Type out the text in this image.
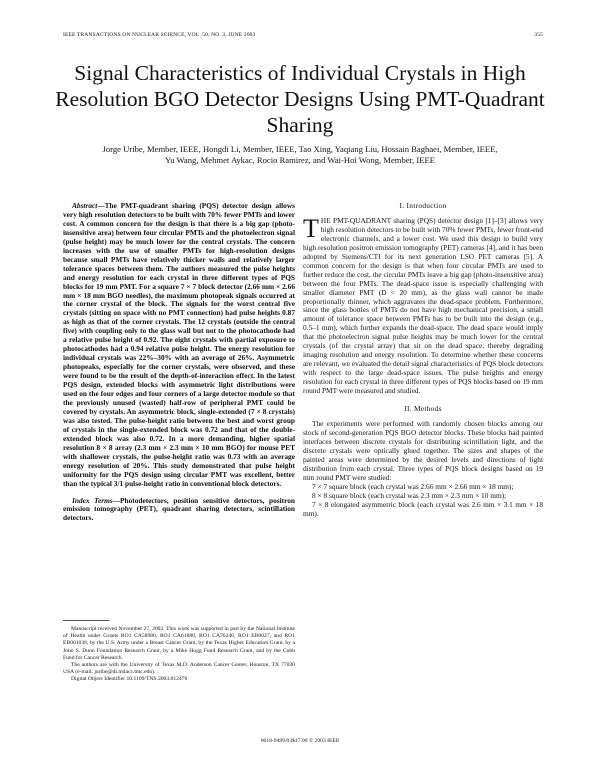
IEEE TRANSACTIONS ON NUCLEAR SCIENCE, VOL. 50, NO. 3, JUNE 2003	355
Signal Characteristics of Individual Crystals in High Resolution BGO Detector Designs Using PMT-Quadrant Sharing
Jorge Uribe, Member, IEEE, Hongdi Li, Member, IEEE, Tao Xing, Yaqiang Liu, Hossain Baghaei, Member, IEEE,
Yu Wang, Mehmet Aykac, Rocio Ramirez, and Wai-Hoi Wong, Member, IEEE

Abstract—The PMT-quadrant sharing (PQS) detector design allows very high resolution detectors to be built with 70% fewer PMTs and lower cost. A common concern for the design is that there is a big gap (photo-insensitive area) between four circular PMTs and the photoelectron signal (pulse height) may be much lower for the central crystals. The concern increases with the use of smaller PMTs for high-resolution designs because small PMTs have relatively thicker walls and relatively larger tolerance spaces between them. The authors measured the pulse heights and energy resolution for each crystal in three different types of PQS blocks for 19 mm PMT. For a square 7 × 7 block detector (2.66 mm × 2.66 mm × 18 mm BGO needles), the maximum photopeak signals occurred at the corner crystal of the block. The signals for the worst central five crystals (sitting on space with no PMT connection) had pulse heights 0.87 as high as that of the corner crystals. The 12 crystals (outside the central five) with coupling only to the glass wall but not to the photocathode had a relative pulse height of 0.92. The eight crystals with partial exposure to photocathodes had a 0.94 relative pulse height. The energy resolution for individual crystals was 22%–30% with an average of 26%. Asymmetric photopeaks, especially for the corner crystals, were observed, and these were found to be the result of the depth-of-interaction effect. In the latest PQS design, extended blocks with asymmetric light distributions were used on the four edges and four corners of a large detector module so that the previously unused (wasted) half-row of peripheral PMT could be covered by crystals. An asymmetric block, single-extended (7 × 8 crystals) was also tested. The pulse-height ratio between the best and worst group of crystals in the single-extended block was 0.72 and that of the double-extended block was also 0.72. In a more demanding, higher spatial resolution 8 × 8 array (2.3 mm × 2.3 mm × 10 mm BGO) for mouse PET with shallower crystals, the pulse-height ratio was 0.73 with an average energy resolution of 20%. This study demonstrated that pulse height uniformity for the PQS design using circular PMT was excellent, better than the typical 3/1 pulse-height ratio in conventional block detectors.

Index Terms—Photodetectors, position sensitive detectors, positron emission tomography (PET), quadrant sharing detectors, scintillation detectors.

Manuscript received November 27, 2002. This work was supported in part by the National Institute of Health under Grants RO1 CA58980, RO1 CA61880, RO1 CA76246, RO1 EB0027, and RO1 EB001038, by the U.S. Army under a Breast Cancer Grant, by the Texas Higher Education Grant, by a John S. Dunn Foundation Research Grant, by a Mike Hogg Fund Research Grant, and by the Cobb Fund for Cancer Research.

The authors are with the University of Texas M.D. Anderson Cancer Center, Houston, TX 77030 USA (e-mail: juribe@di.mdacc.tmc.edu).

Digital Object Identifier 10.1109/TNS.2003.812478

I. Introduction

THE PMT-QUADRANT sharing (PQS) detector design [1]–[3] allows very high resolution detectors to be built with 70% fewer PMTs, fewer front-end electronic channels, and a lower cost. We used this design to build very high resolution positron emission tomography (PET) cameras [4], and it has been adopted by Siemens/CTI for its next generation LSO PET cameras [5]. A common concern for the design is that when four circular PMTs are used to further reduce the cost, the circular PMTs leave a big gap (photo-insensitive area) between the four PMTs. The dead-space issue is especially challenging with smaller diameter PMT (D < 20 mm), as the glass wall cannot be made proportionally thinner, which aggravates the dead-space problem. Furthermore, since the glass bottles of PMTs do not have high mechanical precision, a small amount of tolerance space between PMTs has to be built into the design (e.g., 0.5–1 mm), which further expands the dead-space. The dead space would imply that the photoelectron signal pulse heights may be much lower for the central crystals (of the crystal array) that sit on the dead space, thereby degrading imaging resolution and energy resolution. To determine whether these concerns are relevant, we evaluated the detail signal characteristics of PQS block detectors with respect to the large dead-space issues. The pulse heights and energy resolution for each crystal in three different types of PQS blocks based on 19 mm round PMT were measured and studied.

II. Methods

The experiments were performed with randomly chosen blocks among our stock of second-generation PQS BGO detector blocks. These blocks had painted interfaces between discrete crystals for distributing scintillation light, and the discrete crystals were optically glued together. The sizes and shapes of the painted areas were determined by the desired levels and directions of light distribution from each crystal. Three types of PQS block designs based on 19 mm round PMT were studied:

7 × 7 square block (each crystal was 2.66 mm × 2.66 mm × 18 mm);

8 × 8 square block (each crystal was 2.3 mm × 2.3 mm × 10 mm);

7 × 8 elongated asymmetric block (each crystal was 2.6 mm × 3.1 mm × 18 mm).

0018-9499/03$17.00 © 2003 IEEE
